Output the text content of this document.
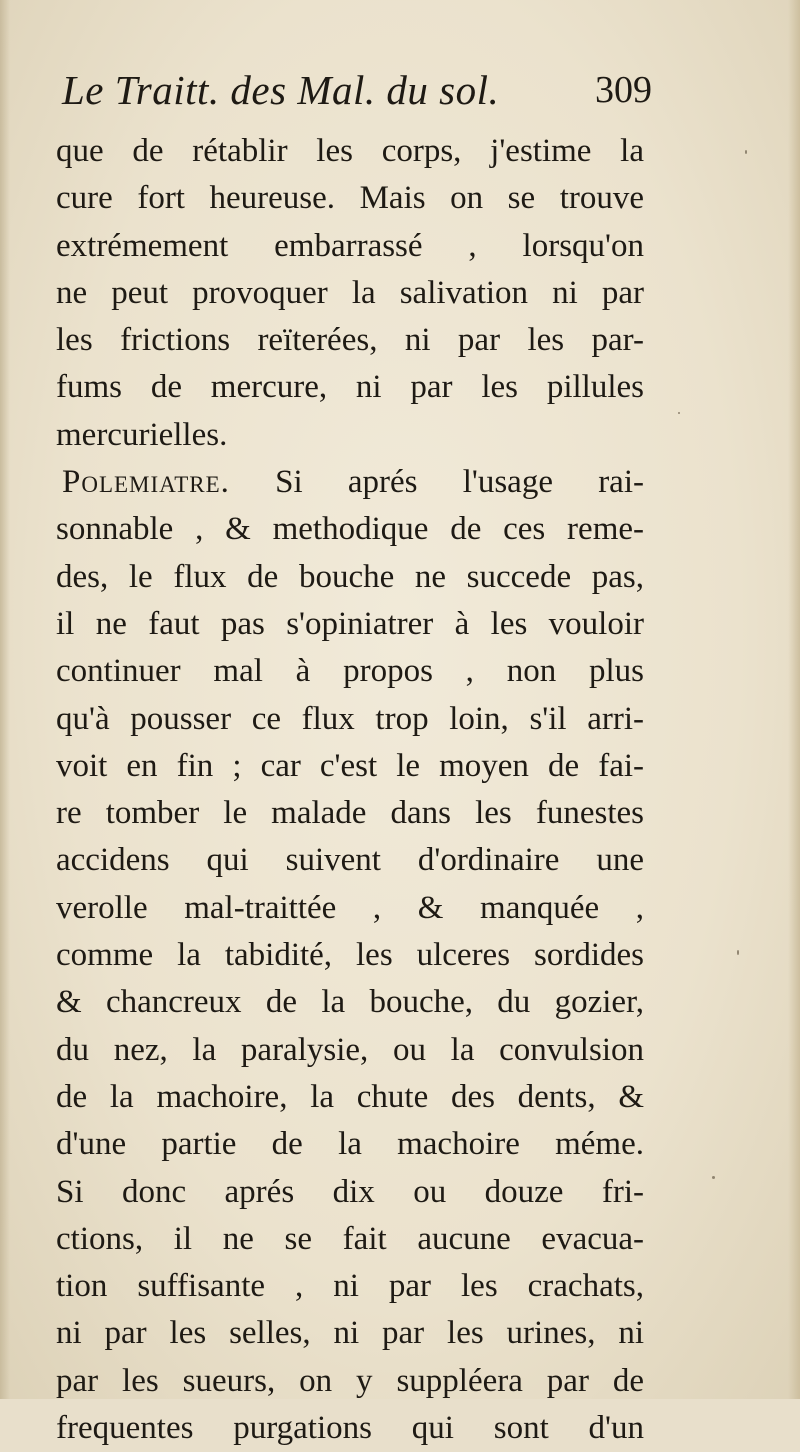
Le Traitt. des Mal. du sol.	309
que de rétablir les corps, j'estime la
cure fort heureuse. Mais on se trouve
extrémement embarrassé , lorsqu'on
ne peut provoquer la salivation ni par
les frictions reïterées, ni par les par-
fums de mercure, ni par les pillules
mercurielles.
Polemiatre. Si aprés l'usage rai-
sonnable , & methodique de ces reme-
des, le flux de bouche ne succede pas,
il ne faut pas s'opiniatrer à les vouloir
continuer mal à propos , non plus
qu'à pousser ce flux trop loin, s'il arri-
voit en fin ; car c'est le moyen de fai-
re tomber le malade dans les funestes
accidens qui suivent d'ordinaire une
verolle mal-traittée , & manquée ,
comme la tabidité, les ulceres sordides
& chancreux de la bouche, du gozier,
du nez, la paralysie, ou la convulsion
de la machoire, la chute des dents, &
d'une partie de la machoire méme.
Si donc aprés dix ou douze fri-
ctions, il ne se fait aucune evacua-
tion suffisante , ni par les crachats,
ni par les selles, ni par les urines, ni
par les sueurs, on y suppléera par de
frequentes purgations qui sont d'un
